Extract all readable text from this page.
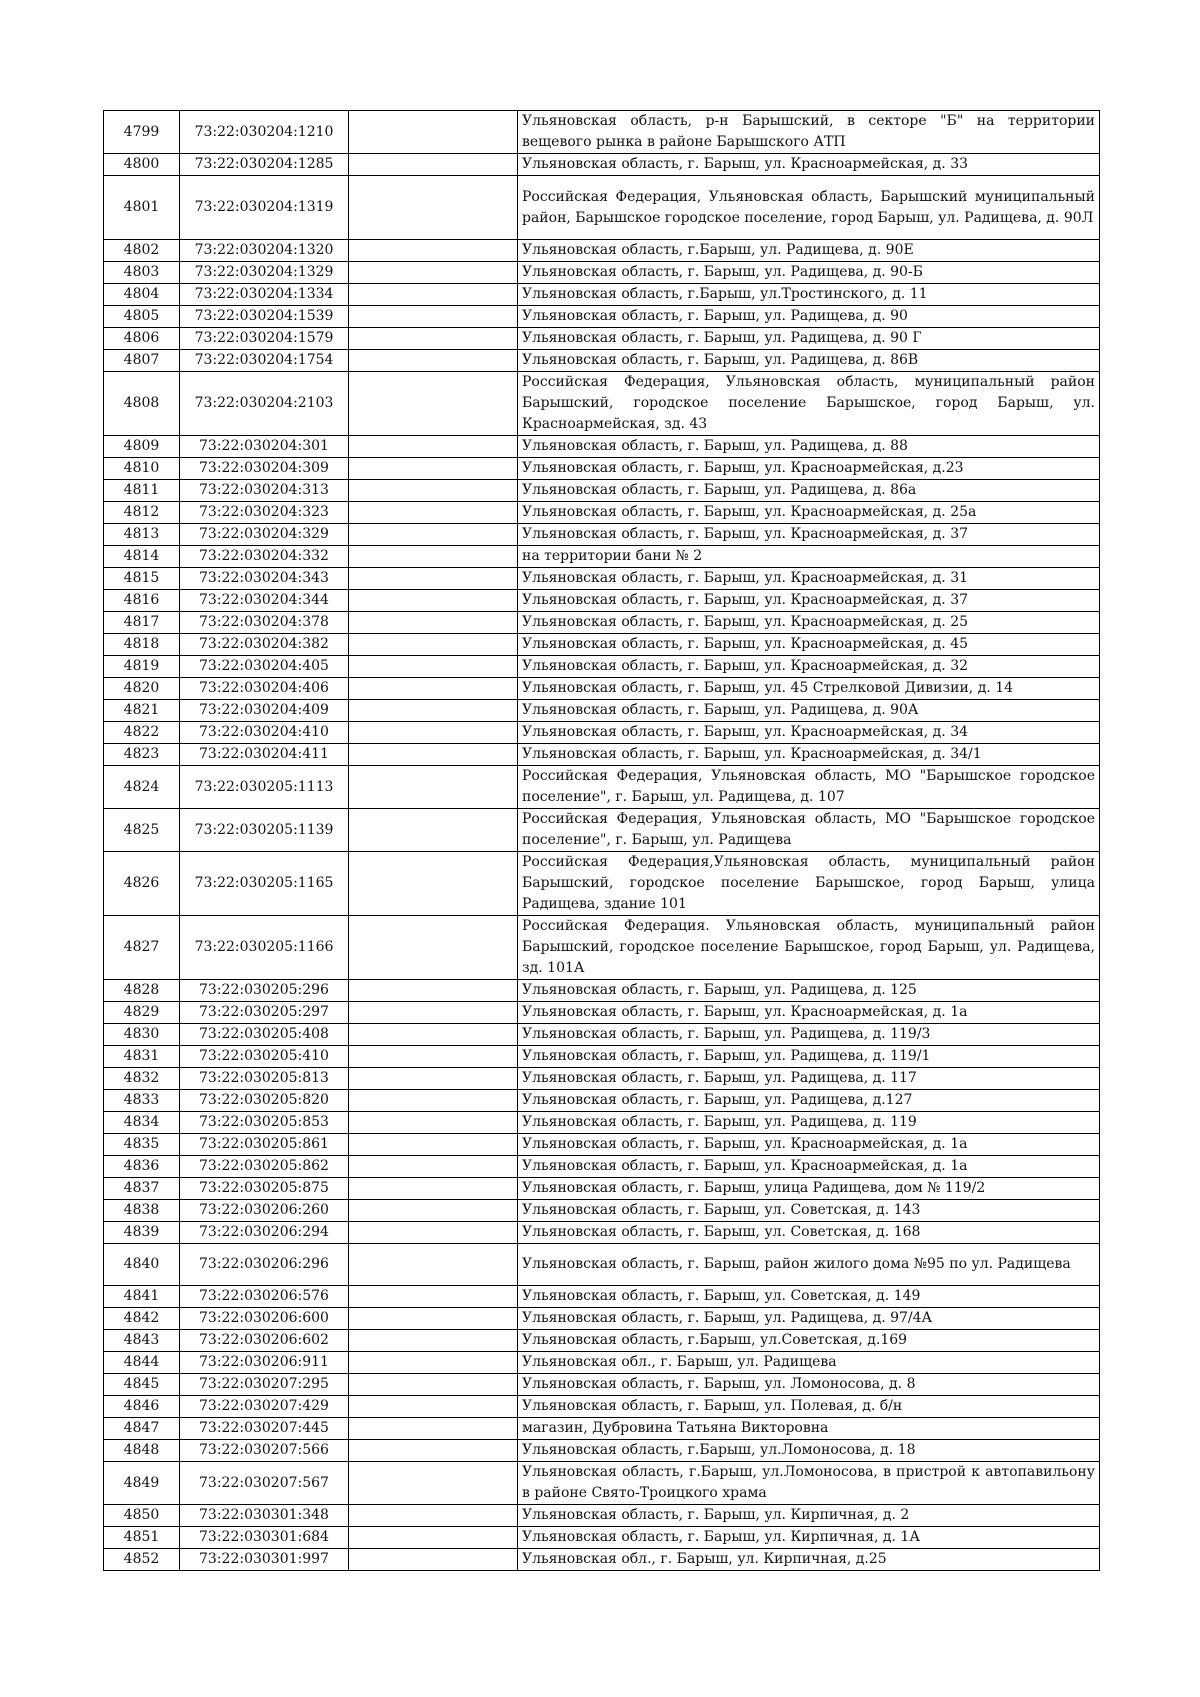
4799	73:22:030204:1210		Ульяновская область, р-н Барышский, в секторе "Б" на территории вещевого рынка в районе Барышского АТП
4800	73:22:030204:1285		Ульяновская область, г. Барыш, ул. Красноармейская, д. 33
4801	73:22:030204:1319		Российская Федерация, Ульяновская область, Барышский муниципальный район, Барышское городское поселение, город Барыш, ул. Радищева, д. 90Л
4802	73:22:030204:1320		Ульяновская область, г.Барыш, ул. Радищева, д. 90Е
4803	73:22:030204:1329		Ульяновская область, г. Барыш, ул. Радищева, д. 90-Б
4804	73:22:030204:1334		Ульяновская область, г.Барыш, ул.Тростинского, д. 11
4805	73:22:030204:1539		Ульяновская область, г. Барыш, ул. Радищева, д. 90
4806	73:22:030204:1579		Ульяновская область, г. Барыш, ул. Радищева, д. 90 Г
4807	73:22:030204:1754		Ульяновская область, г. Барыш, ул. Радищева, д. 86В
4808	73:22:030204:2103		Российская Федерация, Ульяновская область, муниципальный район Барышский, городское поселение Барышское, город Барыш, ул. Красноармейская, зд. 43
4809	73:22:030204:301		Ульяновская область, г. Барыш, ул. Радищева, д. 88
4810	73:22:030204:309		Ульяновская область, г. Барыш, ул. Красноармейская, д.23
4811	73:22:030204:313		Ульяновская область, г. Барыш, ул. Радищева, д. 86а
4812	73:22:030204:323		Ульяновская область, г. Барыш, ул. Красноармейская, д. 25а
4813	73:22:030204:329		Ульяновская область, г. Барыш, ул. Красноармейская, д. 37
4814	73:22:030204:332		на территории бани № 2
4815	73:22:030204:343		Ульяновская область, г. Барыш, ул. Красноармейская, д. 31
4816	73:22:030204:344		Ульяновская область, г. Барыш, ул. Красноармейская, д. 37
4817	73:22:030204:378		Ульяновская область, г. Барыш, ул. Красноармейская, д. 25
4818	73:22:030204:382		Ульяновская область, г. Барыш, ул. Красноармейская, д. 45
4819	73:22:030204:405		Ульяновская область, г. Барыш, ул. Красноармейская, д. 32
4820	73:22:030204:406		Ульяновская область, г. Барыш, ул. 45 Стрелковой Дивизии, д. 14
4821	73:22:030204:409		Ульяновская область, г. Барыш, ул. Радищева, д. 90А
4822	73:22:030204:410		Ульяновская область, г. Барыш, ул. Красноармейская, д. 34
4823	73:22:030204:411		Ульяновская область, г. Барыш, ул. Красноармейская, д. 34/1
4824	73:22:030205:1113		Российская Федерация, Ульяновская область, МО "Барышское городское поселение", г. Барыш, ул. Радищева, д. 107
4825	73:22:030205:1139		Российская Федерация, Ульяновская область, МО "Барышское городское поселение", г. Барыш, ул. Радищева
4826	73:22:030205:1165		Российская Федерация,Ульяновская область, муниципальный район Барышский, городское поселение Барышское, город Барыш, улица Радищева, здание 101
4827	73:22:030205:1166		Российская Федерация. Ульяновская область, муниципальный район Барышский, городское поселение Барышское, город Барыш, ул. Радищева, зд. 101А
4828	73:22:030205:296		Ульяновская область, г. Барыш, ул. Радищева, д. 125
4829	73:22:030205:297		Ульяновская область, г. Барыш, ул. Красноармейская, д. 1а
4830	73:22:030205:408		Ульяновская область, г. Барыш, ул. Радищева, д. 119/3
4831	73:22:030205:410		Ульяновская область, г. Барыш, ул. Радищева, д. 119/1
4832	73:22:030205:813		Ульяновская область, г. Барыш, ул. Радищева, д. 117
4833	73:22:030205:820		Ульяновская область, г. Барыш, ул. Радищева, д.127
4834	73:22:030205:853		Ульяновская область, г. Барыш, ул. Радищева, д. 119
4835	73:22:030205:861		Ульяновская область, г. Барыш, ул. Красноармейская, д. 1а
4836	73:22:030205:862		Ульяновская область, г. Барыш, ул. Красноармейская, д. 1а
4837	73:22:030205:875		Ульяновская область, г. Барыш, улица Радищева, дом № 119/2
4838	73:22:030206:260		Ульяновская область, г. Барыш, ул. Советская, д. 143
4839	73:22:030206:294		Ульяновская область, г. Барыш, ул. Советская, д. 168
4840	73:22:030206:296		Ульяновская область, г. Барыш, район жилого дома №95 по ул. Радищева
4841	73:22:030206:576		Ульяновская область, г. Барыш, ул. Советская, д. 149
4842	73:22:030206:600		Ульяновская область, г. Барыш, ул. Радищева, д. 97/4А
4843	73:22:030206:602		Ульяновская область, г.Барыш, ул.Советская, д.169
4844	73:22:030206:911		Ульяновская обл., г. Барыш, ул. Радищева
4845	73:22:030207:295		Ульяновская область, г. Барыш, ул. Ломоносова, д. 8
4846	73:22:030207:429		Ульяновская область, г. Барыш, ул. Полевая, д. б/н
4847	73:22:030207:445		магазин, Дубровина Татьяна Викторовна
4848	73:22:030207:566		Ульяновская область, г.Барыш, ул.Ломоносова, д. 18
4849	73:22:030207:567		Ульяновская область, г.Барыш, ул.Ломоносова, в пристрой к автопавильону в районе Свято-Троицкого храма
4850	73:22:030301:348		Ульяновская область, г. Барыш, ул. Кирпичная, д. 2
4851	73:22:030301:684		Ульяновская область, г. Барыш, ул. Кирпичная, д. 1А
4852	73:22:030301:997		Ульяновская обл., г. Барыш, ул. Кирпичная, д.25
